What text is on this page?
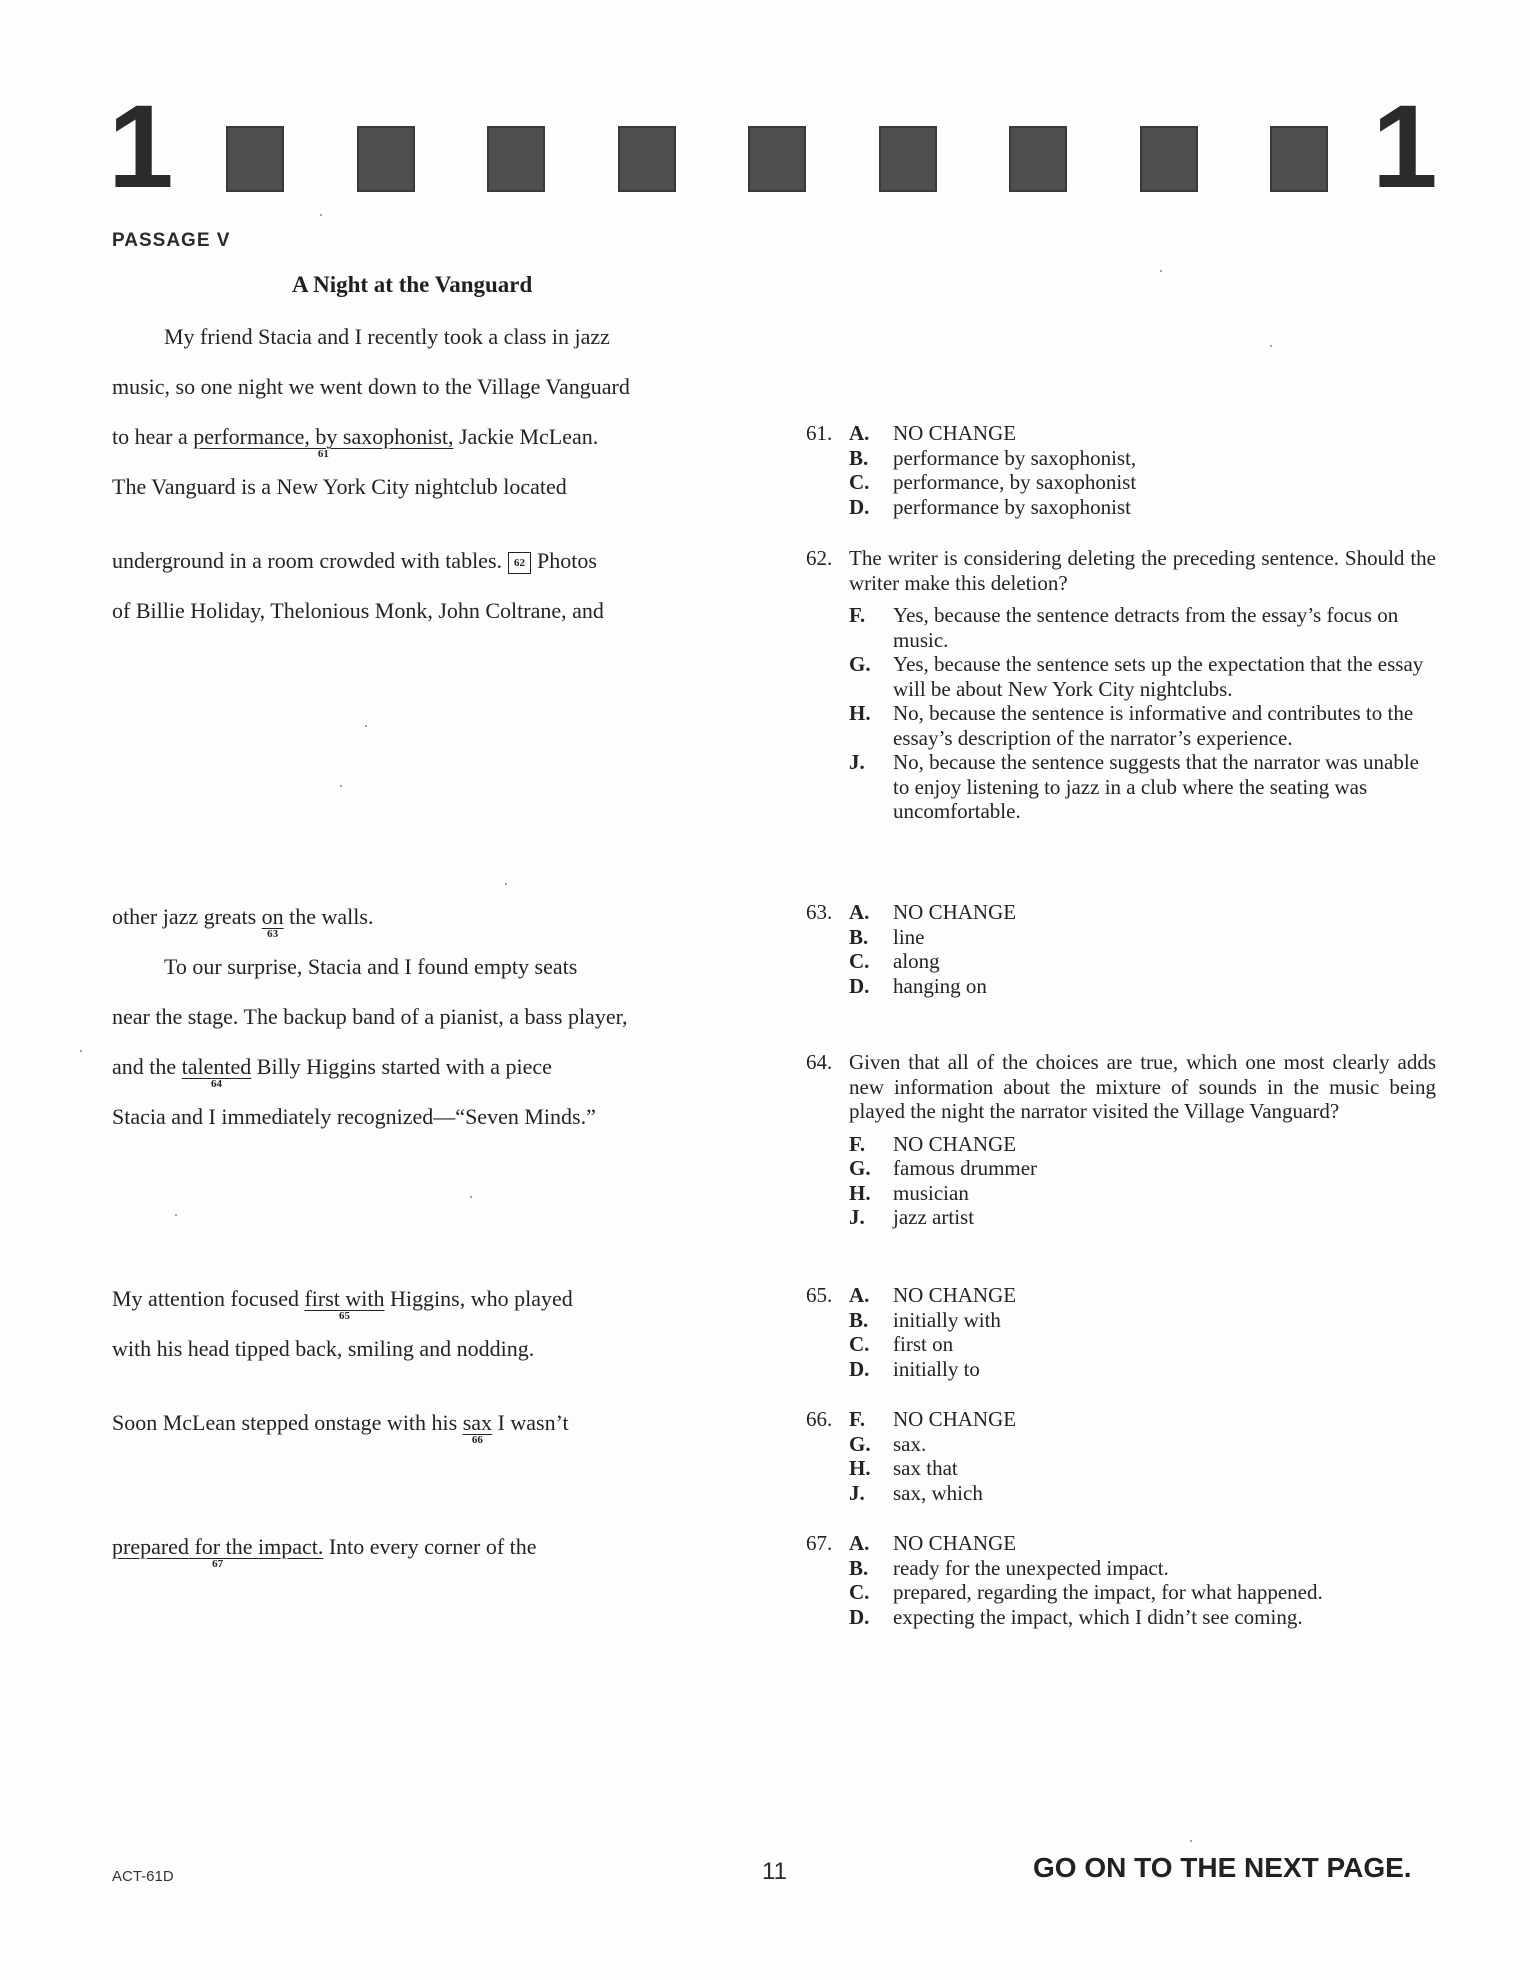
1	1
PASSAGE V
A Night at the Vanguard
My friend Stacia and I recently took a class in jazz
music, so one night we went down to the Village Vanguard
to hear a performance, by saxophonist,
61
Jackie McLean.
The Vanguard is a New York City nightclub located
underground in a room crowded with tables. 62 Photos
of Billie Holiday, Thelonious Monk, John Coltrane, and
other jazz greats on
63
the walls.
To our surprise, Stacia and I found empty seats
near the stage. The backup band of a pianist, a bass player,
and the talented
64
Billy Higgins started with a piece
Stacia and I immediately recognized—“Seven Minds.”
My attention focused first with
65
Higgins, who played
with his head tipped back, smiling and nodding.
Soon McLean stepped onstage with his sax
66
I wasn’t
prepared for the impact.
67
Into every corner of the
61. A.	NO CHANGE
B.	performance by saxophonist,
C.	performance, by saxophonist
D.	performance by saxophonist
62. The writer is considering deleting the preceding sentence. Should the writer make this deletion?
F.	Yes, because the sentence detracts from the essay’s focus on music.
G.	Yes, because the sentence sets up the expectation that the essay will be about New York City nightclubs.
H.	No, because the sentence is informative and contributes to the essay’s description of the narrator’s experience.
J.	No, because the sentence suggests that the narrator was unable to enjoy listening to jazz in a club where the seating was uncomfortable.
63. A.	NO CHANGE
B.	line
C.	along
D.	hanging on
64. Given that all of the choices are true, which one most clearly adds new information about the mixture of sounds in the music being played the night the narrator visited the Village Vanguard?
F.	NO CHANGE
G.	famous drummer
H.	musician
J.	jazz artist
65. A.	NO CHANGE
B.	initially with
C.	first on
D.	initially to
66. F.	NO CHANGE
G.	sax.
H.	sax that
J.	sax, which
67. A.	NO CHANGE
B.	ready for the unexpected impact.
C.	prepared, regarding the impact, for what happened.
D.	expecting the impact, which I didn’t see coming.
ACT-61D	11	GO ON TO THE NEXT PAGE.
